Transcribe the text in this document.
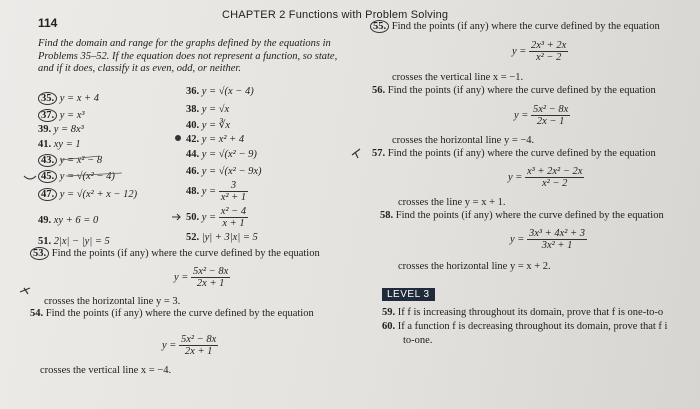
114
CHAPTER 2 Functions with Problem Solving
Find the domain and range for the graphs defined by the equations in Problems 35–52. If the equation does not represent a function, so state, and if it does, classify it as even, odd, or neither.
35. y = x + 4
36. y = √(x − 4)
37. y = x³
38. y = √x
39. y = 8x³	40. y = ∛x
41. xy = 1	42. y = x² + 4
43. y = x² − 8
44. y = √(x² − 9)
45. y = √(x² − 4)	46. y = √(x² − 9x)
47. y = √(x² + x − 12)	48. $y = \frac{3}{\text{x² + 1}}$
49. xy + 6 = 0	50. $y = \frac{\text{x² − 4}}{x + 1}$
51. 2|x| − |y| = 5	52. |y| + 3|x| = 5
53. Find the points (if any) where the curve defined by the equation
$y = \frac{\text{5x² − 8x}}{2x + 1}$
crosses the horizontal line y = 3.
54. Find the points (if any) where the curve defined by the equation
$y = \frac{\text{5x² − 8x}}{2x + 1}$
crosses the vertical line x = −4.
55. Find the points (if any) where the curve defined by the equation
$y = \frac{\text{2x³ + 2x}}{\text{x² − 2}}$
crosses the vertical line x = −1.
56. Find the points (if any) where the curve defined by the equation
$y = \frac{\text{5x² − 8x}}{2x - 1}$
crosses the horizontal line y = −4.
57. Find the points (if any) where the curve defined by the equation
$y = \frac{\text{x³ + 2x² − 2x}}{\text{x² − 2}}$
crosses the line y = x + 1.
58. Find the points (if any) where the curve defined by the equation
$y = \frac{\text{3x³ + 4x² + 3}}{\text{3x² + 1}}$
crosses the horizontal line y = x + 2.
LEVEL 3
59. If f is increasing throughout its domain, prove that f is one-to-o
60. If a function f is decreasing throughout its domain, prove that f i
to-one.
